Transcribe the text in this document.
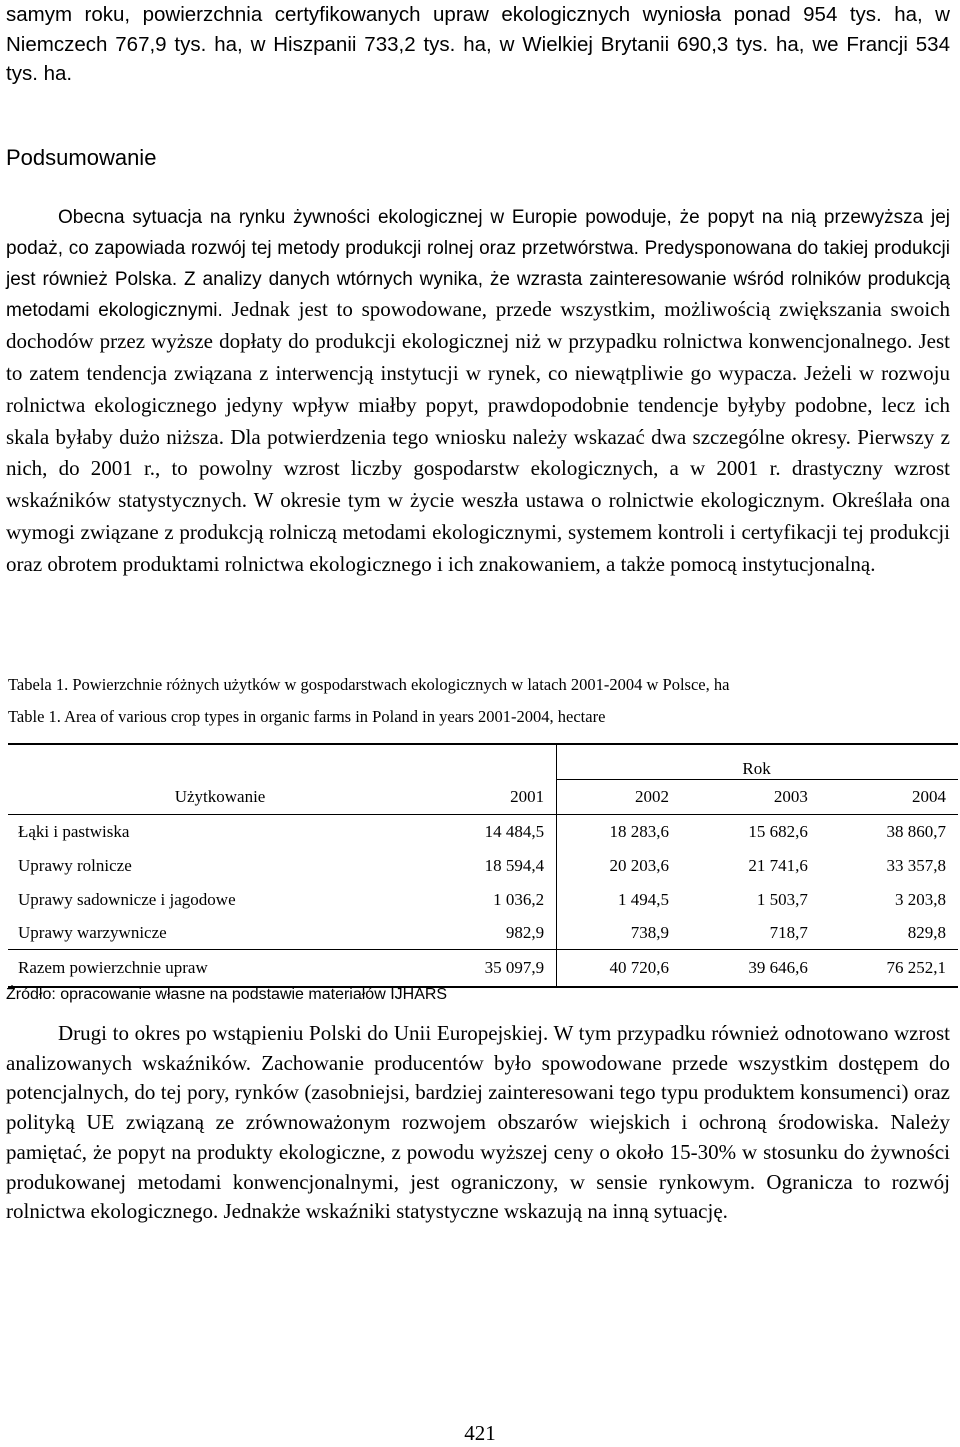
samym roku, powierzchnia certyfikowanych upraw ekologicznych wyniosła ponad 954 tys. ha, w Niemczech 767,9 tys. ha, w Hiszpanii 733,2 tys. ha, w Wielkiej Brytanii 690,3 tys. ha, we Francji 534 tys. ha.

Podsumowanie

Obecna sytuacja na rynku żywności ekologicznej w Europie powoduje, że popyt na nią przewyższa jej podaż, co zapowiada rozwój tej metody produkcji rolnej oraz przetwórstwa. Predysponowana do takiej produkcji jest również Polska. Z analizy danych wtórnych wynika, że wzrasta zainteresowanie wśród rolników produkcją metodami ekologicznymi. Jednak jest to spowodowane, przede wszystkim, możliwością zwiększania swoich dochodów przez wyższe dopłaty do produkcji ekologicznej niż w przypadku rolnictwa konwencjonalnego. Jest to zatem tendencja związana z interwencją instytucji w rynek, co niewątpliwie go wypacza. Jeżeli w rozwoju rolnictwa ekologicznego jedyny wpływ miałby popyt, prawdopodobnie tendencje byłyby podobne, lecz ich skala byłaby dużo niższa. Dla potwierdzenia tego wniosku należy wskazać dwa szczególne okresy. Pierwszy z nich, do 2001 r., to powolny wzrost liczby gospodarstw ekologicznych, a w 2001 r. drastyczny wzrost wskaźników statystycznych. W okresie tym w życie weszła ustawa o rolnictwie ekologicznym. Określała ona wymogi związane z produkcją rolniczą metodami ekologicznymi, systemem kontroli i certyfikacji tej produkcji oraz obrotem produktami rolnictwa ekologicznego i ich znakowaniem, a także pomocą instytucjonalną.

Tabela 1. Powierzchnie różnych użytków w gospodarstwach ekologicznych w latach 2001-2004 w Polsce, ha

Table 1. Area of various crop types in organic farms in Poland in years 2001-2004, hectare

		Rok		
Użytkowanie	2001	2002	2003	2004
Łąki i pastwiska	14 484,5	18 283,6	15 682,6	38 860,7
Uprawy rolnicze	18 594,4	20 203,6	21 741,6	33 357,8
Uprawy sadownicze i jagodowe	1 036,2	1 494,5	1 503,7	3 203,8
Uprawy warzywnicze	982,9	738,9	718,7	829,8
Razem powierzchnie upraw	35 097,9	40 720,6	39 646,6	76 252,1

Źródło: opracowanie własne na podstawie materiałów IJHARS

Drugi to okres po wstąpieniu Polski do Unii Europejskiej. W tym przypadku również odnotowano wzrost analizowanych wskaźników. Zachowanie producentów było spowodowane przede wszystkim dostępem do potencjalnych, do tej pory, rynków (zasobniejsi, bardziej zainteresowani tego typu produktem konsumenci) oraz polityką UE związaną ze zrównoważonym rozwojem obszarów wiejskich i ochroną środowiska. Należy pamiętać, że popyt na produkty ekologiczne, z powodu wyższej ceny o około 15-30% w stosunku do żywności produkowanej metodami konwencjonalnymi, jest ograniczony, w sensie rynkowym. Ogranicza to rozwój rolnictwa ekologicznego. Jednakże wskaźniki statystyczne wskazują na inną sytuację.

421
